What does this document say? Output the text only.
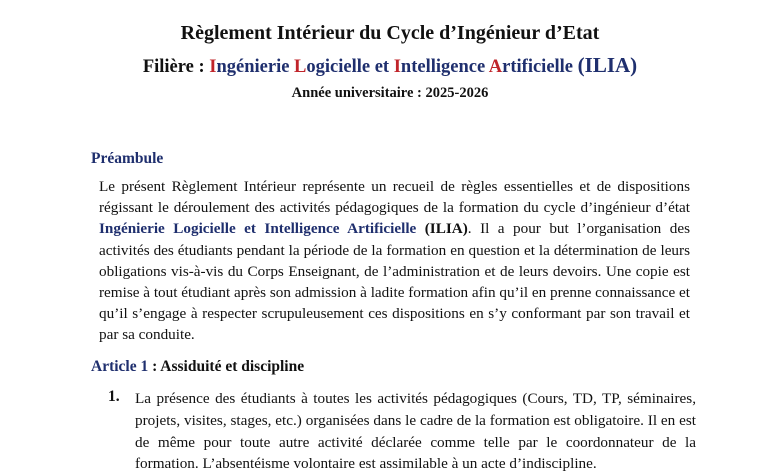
Règlement Intérieur du Cycle d’Ingénieur d’Etat
Filière : Ingénierie Logicielle et Intelligence Artificielle (ILIA)
Année universitaire : 2025-2026
Préambule
Le présent Règlement Intérieur représente un recueil de règles essentielles et de dispositions régissant le déroulement des activités pédagogiques de la formation du cycle d’ingénieur d’état Ingénierie Logicielle et Intelligence Artificielle (ILIA). Il a pour but l’organisation des activités des étudiants pendant la période de la formation en question et la détermination de leurs obligations vis-à-vis du Corps Enseignant, de l’administration et de leurs devoirs. Une copie est remise à tout étudiant après son admission à ladite formation afin qu’il en prenne connaissance et qu’il s’engage à respecter scrupuleusement ces dispositions en s’y conformant par son travail et par sa conduite.
Article 1 : Assiduité et discipline
1. La présence des étudiants à toutes les activités pédagogiques (Cours, TD, TP, séminaires, projets, visites, stages, etc.) organisées dans le cadre de la formation est obligatoire. Il en est de même pour toute autre activité déclarée comme telle par le coordonnateur de la formation. L’absentéisme volontaire est assimilable à un acte d’indiscipline.
